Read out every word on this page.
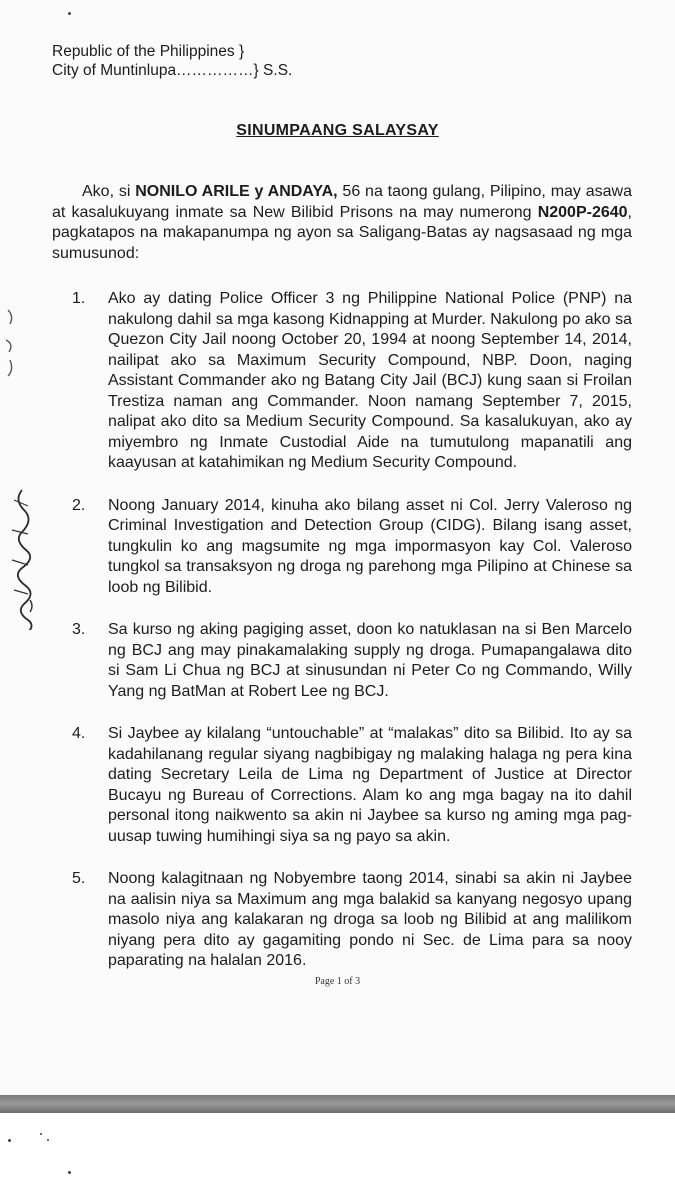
Republic of the Philippines }
City of Muntinlupa……………} S.S.
SINUMPAANG SALAYSAY

Ako, si NONILO ARILE y ANDAYA, 56 na taong gulang, Pilipino, may asawa at kasalukuyang inmate sa New Bilibid Prisons na may numerong N200P-2640, pagkatapos na makapanumpa ng ayon sa Saligang-Batas ay nagsasaad ng mga sumusunod:

1.	Ako ay dating Police Officer 3 ng Philippine National Police (PNP) na nakulong dahil sa mga kasong Kidnapping at Murder. Nakulong po ako sa Quezon City Jail noong October 20, 1994 at noong September 14, 2014, nailipat ako sa Maximum Security Compound, NBP. Doon, naging Assistant Commander ako ng Batang City Jail (BCJ) kung saan si Froilan Trestiza naman ang Commander. Noon namang September 7, 2015, nalipat ako dito sa Medium Security Compound. Sa kasalukuyan, ako ay miyembro ng Inmate Custodial Aide na tumutulong mapanatili ang kaayusan at katahimikan ng Medium Security Compound.
2.	Noong January 2014, kinuha ako bilang asset ni Col. Jerry Valeroso ng Criminal Investigation and Detection Group (CIDG). Bilang isang asset, tungkulin ko ang magsumite ng mga impormasyon kay Col. Valeroso tungkol sa transaksyon ng droga ng parehong mga Pilipino at Chinese sa loob ng Bilibid.
3.	Sa kurso ng aking pagiging asset, doon ko natuklasan na si Ben Marcelo ng BCJ ang may pinakamalaking supply ng droga. Pumapangalawa dito si Sam Li Chua ng BCJ at sinusundan ni Peter Co ng Commando, Willy Yang ng BatMan at Robert Lee ng BCJ.
4.	Si Jaybee ay kilalang “untouchable” at “malakas” dito sa Bilibid. Ito ay sa kadahilanang regular siyang nagbibigay ng malaking halaga ng pera kina dating Secretary Leila de Lima ng Department of Justice at Director Bucayu ng Bureau of Corrections. Alam ko ang mga bagay na ito dahil personal itong naikwento sa akin ni Jaybee sa kurso ng aming mga pag-uusap tuwing humihingi siya sa ng payo sa akin.
5.	Noong kalagitnaan ng Nobyembre taong 2014, sinabi sa akin ni Jaybee na aalisin niya sa Maximum ang mga balakid sa kanyang negosyo upang masolo niya ang kalakaran ng droga sa loob ng Bilibid at ang malilikom niyang pera dito ay gagamiting pondo ni Sec. de Lima para sa nooy paparating na halalan 2016.
Page 1 of 3
